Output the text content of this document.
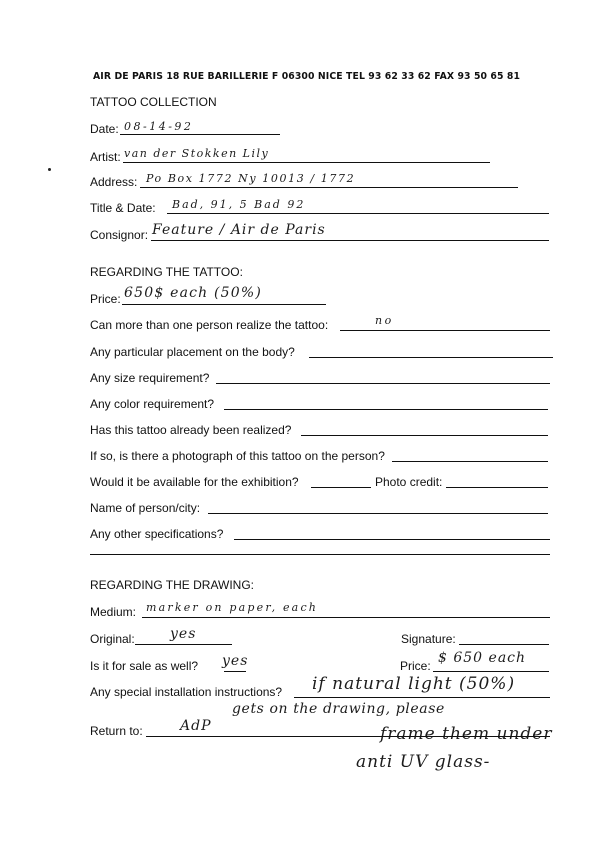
AIR DE PARIS 18 RUE BARILLERIE F 06300 NICE TEL 93 62 33 62 FAX 93 50 65 81
TATTOO COLLECTION
Date: 08-14-92
Artist: van der Stokken Lily
Address: Po Box 1772 Ny 10013 / 1772
Title & Date: Bad, 91, 5 Bad 92
Consignor: Feature / Air de Paris
REGARDING THE TATTOO:
Price: 650$ each (50%)
Can more than one person realize the tattoo:	no
Any particular placement on the body?
Any size requirement?
Any color requirement?
Has this tattoo already been realized?
If so, is there a photograph of this tattoo on the person?
Would it be available for the exhibition?	Photo credit:
Name of person/city:
Any other specifications?
REGARDING THE DRAWING:
Medium: marker on paper, each
Original:	yes	Signature:
Is it for sale as well? yes	Price: $ 650 each
Any special installation instructions? if natural light (50%)
gets on the drawing, please
frame them under
anti UV glass-
Return to:	AdP
